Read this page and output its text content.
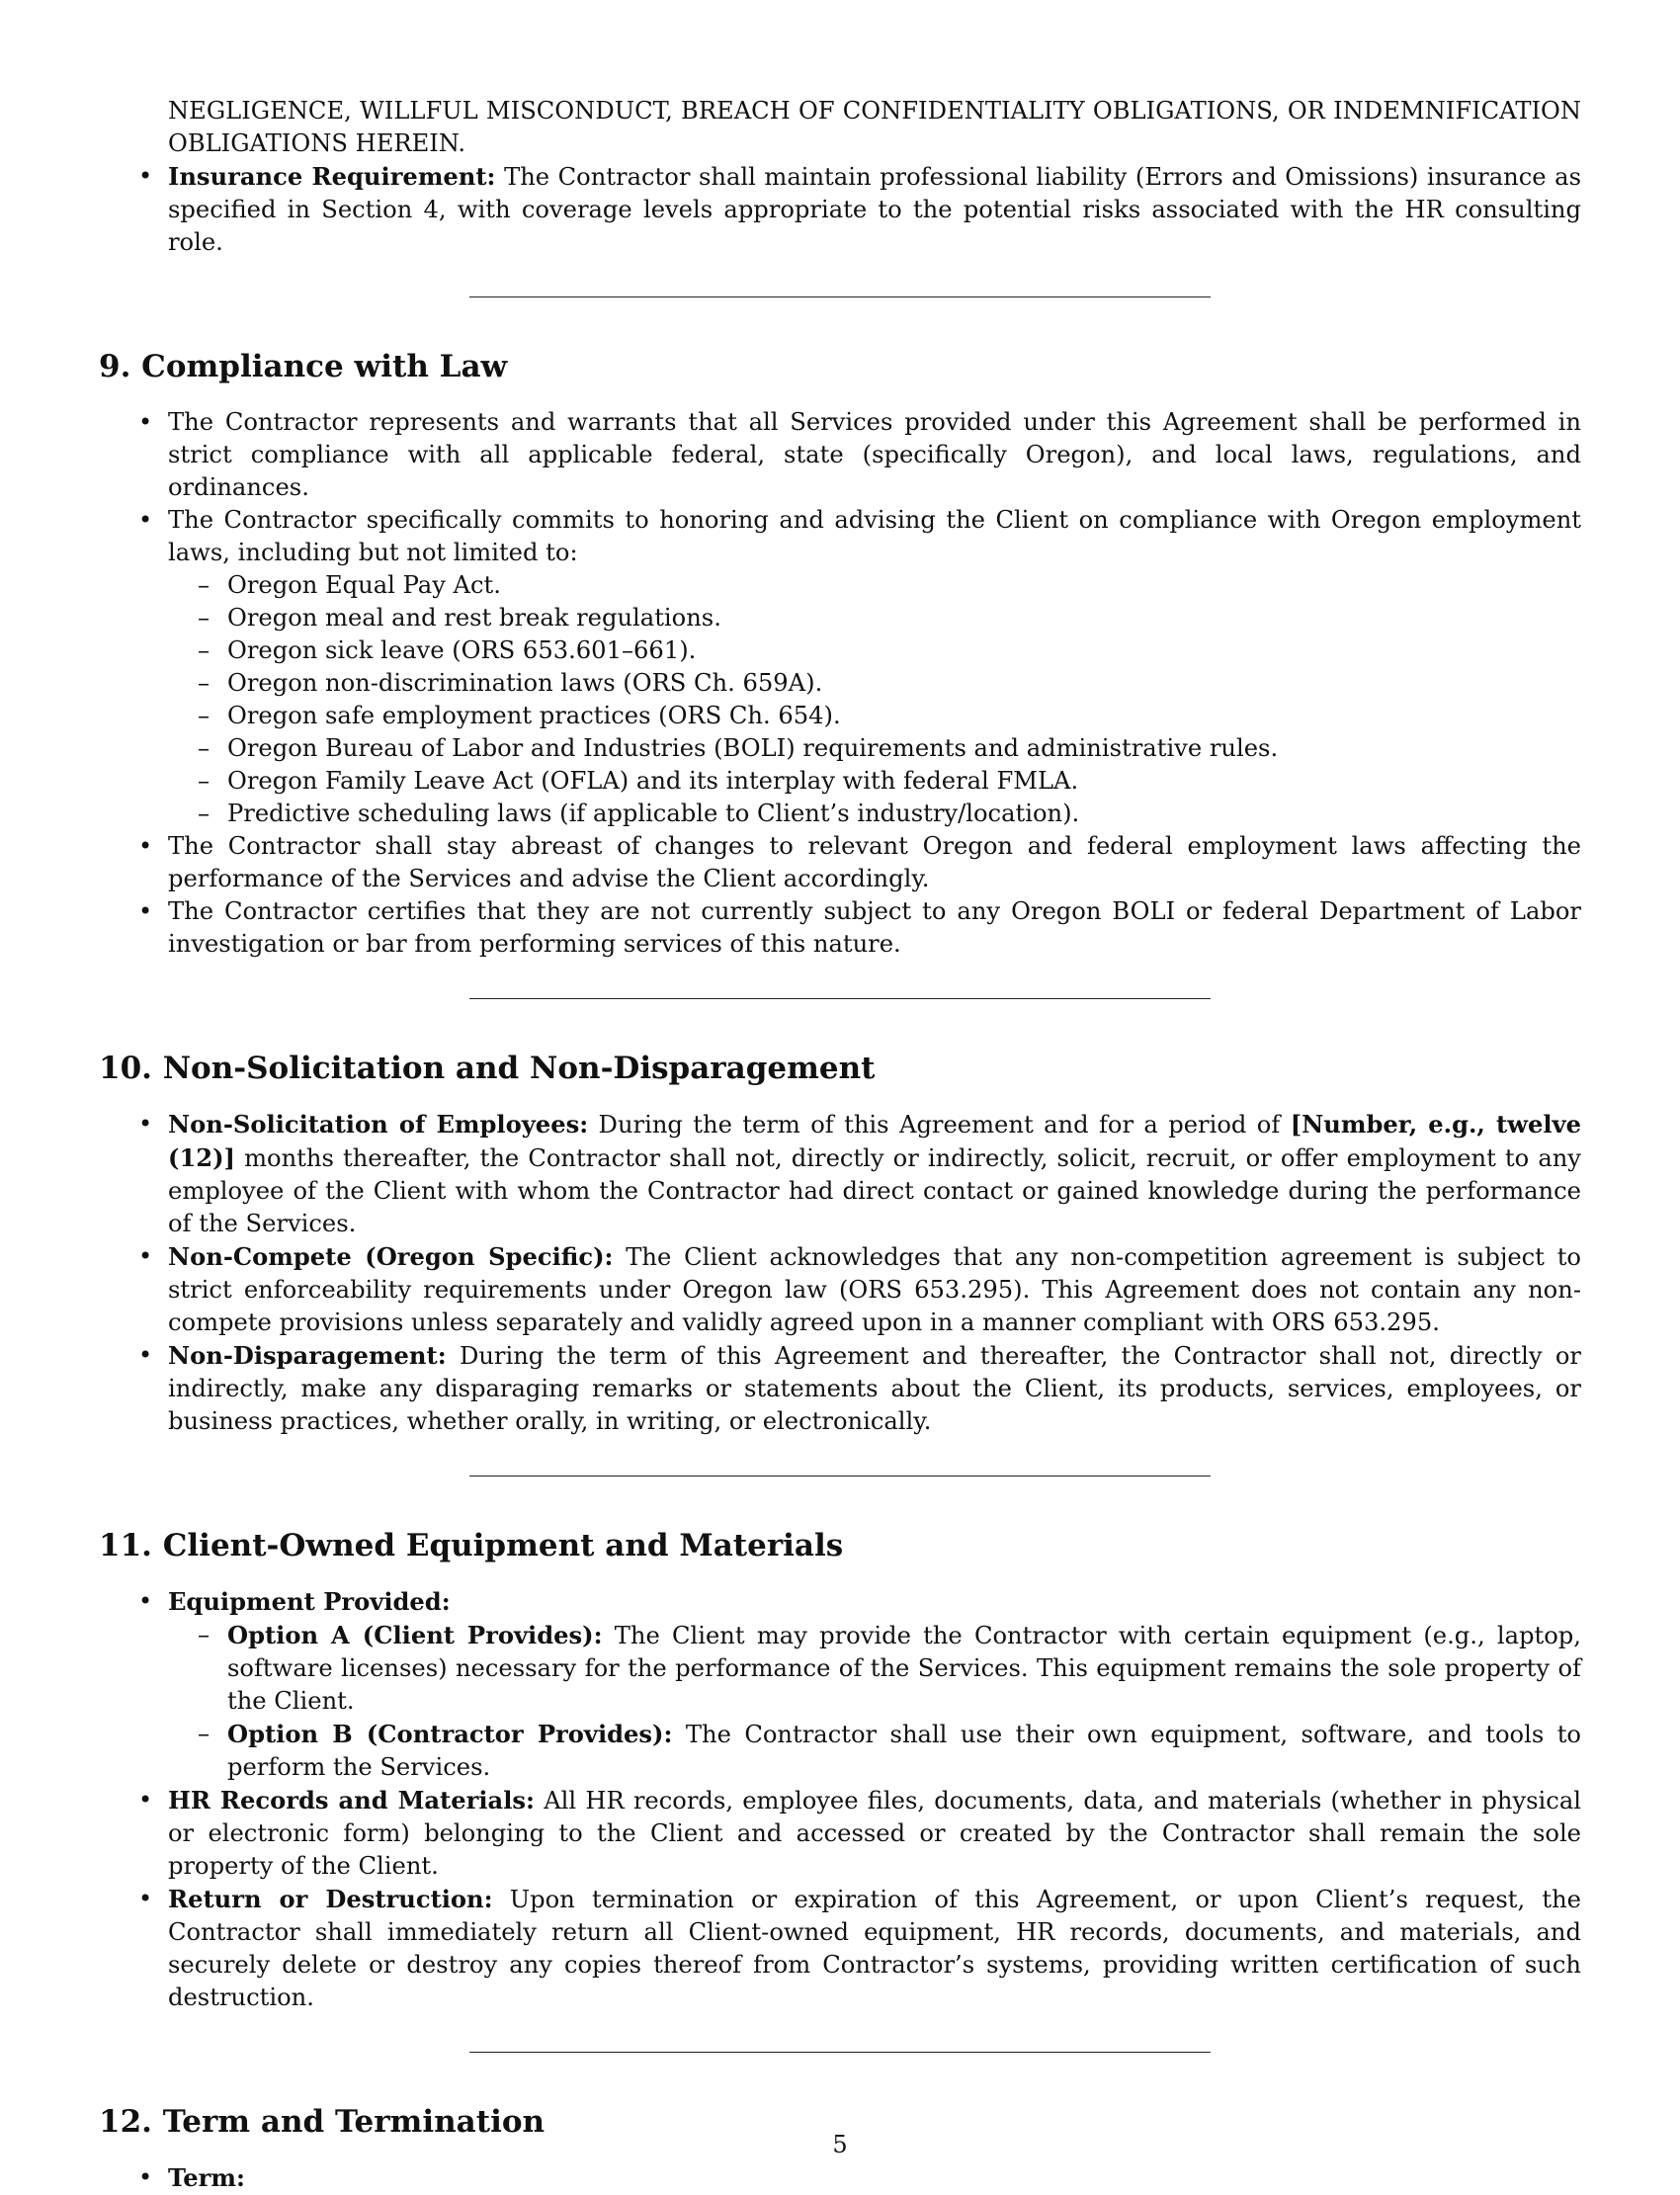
NEGLIGENCE, WILLFUL MISCONDUCT, BREACH OF CONFIDENTIALITY OBLIGATIONS, OR INDEMNIFICATION OBLIGATIONS HEREIN.
• Insurance Requirement: The Contractor shall maintain professional liability (Errors and Omissions) insurance as specified in Section 4, with coverage levels appropriate to the potential risks associated with the HR consulting role.
9. Compliance with Law
• The Contractor represents and warrants that all Services provided under this Agreement shall be performed in strict compliance with all applicable federal, state (specifically Oregon), and local laws, regulations, and ordinances.
• The Contractor specifically commits to honoring and advising the Client on compliance with Oregon employment laws, including but not limited to:
– Oregon Equal Pay Act.
– Oregon meal and rest break regulations.
– Oregon sick leave (ORS 653.601–661).
– Oregon non-discrimination laws (ORS Ch. 659A).
– Oregon safe employment practices (ORS Ch. 654).
– Oregon Bureau of Labor and Industries (BOLI) requirements and administrative rules.
– Oregon Family Leave Act (OFLA) and its interplay with federal FMLA.
– Predictive scheduling laws (if applicable to Client’s industry/location).
• The Contractor shall stay abreast of changes to relevant Oregon and federal employment laws affecting the performance of the Services and advise the Client accordingly.
• The Contractor certifies that they are not currently subject to any Oregon BOLI or federal Department of Labor investigation or bar from performing services of this nature.
10. Non-Solicitation and Non-Disparagement
• Non-Solicitation of Employees: During the term of this Agreement and for a period of [Number, e.g., twelve (12)] months thereafter, the Contractor shall not, directly or indirectly, solicit, recruit, or offer employment to any employee of the Client with whom the Contractor had direct contact or gained knowledge during the performance of the Services.
• Non-Compete (Oregon Specific): The Client acknowledges that any non-competition agreement is subject to strict enforceability requirements under Oregon law (ORS 653.295). This Agreement does not contain any non-compete provisions unless separately and validly agreed upon in a manner compliant with ORS 653.295.
• Non-Disparagement: During the term of this Agreement and thereafter, the Contractor shall not, directly or indirectly, make any disparaging remarks or statements about the Client, its products, services, employees, or business practices, whether orally, in writing, or electronically.
11. Client-Owned Equipment and Materials
• Equipment Provided:
– Option A (Client Provides): The Client may provide the Contractor with certain equipment (e.g., laptop, software licenses) necessary for the performance of the Services. This equipment remains the sole property of the Client.
– Option B (Contractor Provides): The Contractor shall use their own equipment, software, and tools to perform the Services.
• HR Records and Materials: All HR records, employee files, documents, data, and materials (whether in physical or electronic form) belonging to the Client and accessed or created by the Contractor shall remain the sole property of the Client.
• Return or Destruction: Upon termination or expiration of this Agreement, or upon Client’s request, the Contractor shall immediately return all Client-owned equipment, HR records, documents, and materials, and securely delete or destroy any copies thereof from Contractor’s systems, providing written certification of such destruction.
12. Term and Termination
• Term:
5
